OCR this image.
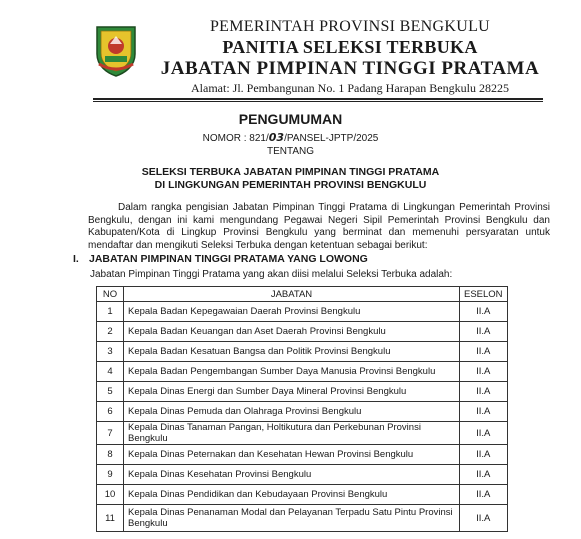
PEMERINTAH PROVINSI BENGKULU
PANITIA SELEKSI TERBUKA
JABATAN PIMPINAN TINGGI PRATAMA
Alamat: Jl. Pembangunan No. 1 Padang Harapan Bengkulu 28225
PENGUMUMAN
NOMOR : 821/03/PANSEL-JPTP/2025
TENTANG
SELEKSI TERBUKA JABATAN PIMPINAN TINGGI PRATAMA
DI LINGKUNGAN PEMERINTAH PROVINSI BENGKULU
Dalam rangka pengisian Jabatan Pimpinan Tinggi Pratama di Lingkungan Pemerintah Provinsi Bengkulu, dengan ini kami mengundang Pegawai Negeri Sipil Pemerintah Provinsi Bengkulu dan Kabupaten/Kota di Lingkup Provinsi Bengkulu yang berminat dan memenuhi persyaratan untuk mendaftar dan mengikuti Seleksi Terbuka dengan ketentuan sebagai berikut:
I. JABATAN PIMPINAN TINGGI PRATAMA YANG LOWONG
Jabatan Pimpinan Tinggi Pratama yang akan diisi melalui Seleksi Terbuka adalah:
NO	JABATAN	ESELON
1	Kepala Badan Kepegawaian Daerah Provinsi Bengkulu	II.A
2	Kepala Badan Keuangan dan Aset Daerah Provinsi Bengkulu	II.A
3	Kepala Badan Kesatuan Bangsa dan Politik Provinsi Bengkulu	II.A
4	Kepala Badan Pengembangan Sumber Daya Manusia Provinsi Bengkulu	II.A
5	Kepala Dinas Energi dan Sumber Daya Mineral Provinsi Bengkulu	II.A
6	Kepala Dinas Pemuda dan Olahraga Provinsi Bengkulu	II.A
7	Kepala Dinas Tanaman Pangan, Holtikutura dan Perkebunan Provinsi Bengkulu	II.A
8	Kepala Dinas Peternakan dan Kesehatan Hewan Provinsi Bengkulu	II.A
9	Kepala Dinas Kesehatan Provinsi Bengkulu	II.A
10	Kepala Dinas Pendidikan dan Kebudayaan Provinsi Bengkulu	II.A
11	Kepala Dinas Penanaman Modal dan Pelayanan Terpadu Satu Pintu Provinsi Bengkulu	II.A
